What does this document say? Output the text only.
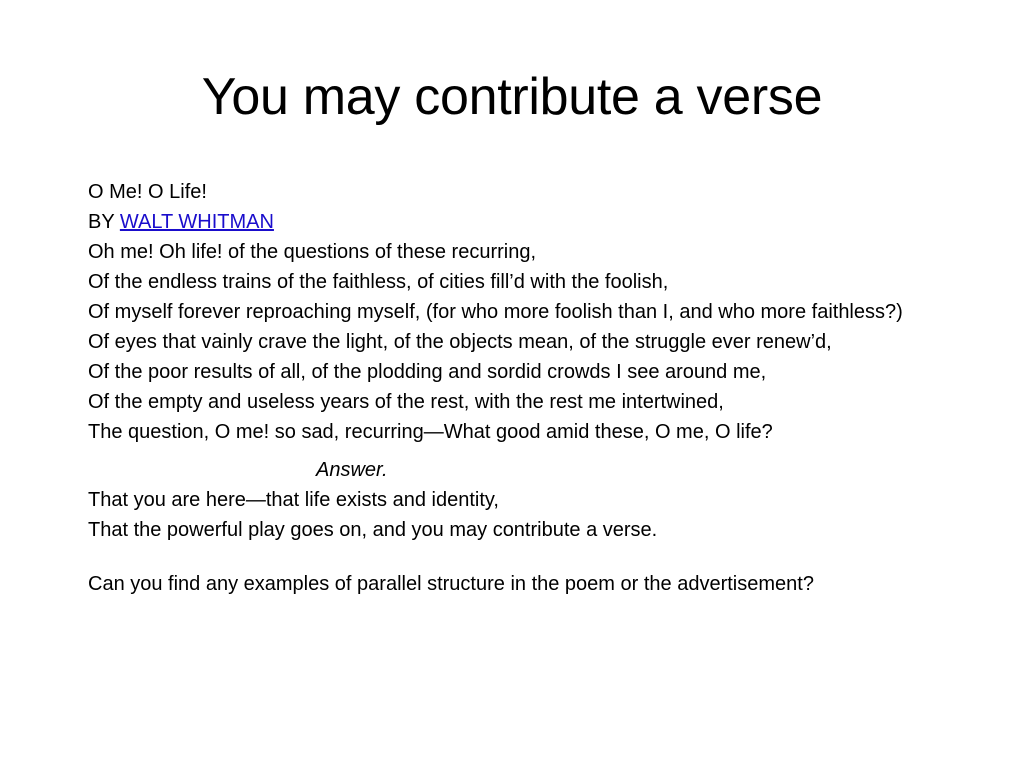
You may contribute a verse
O Me! O Life!
BY WALT WHITMAN
Oh me! Oh life! of the questions of these recurring,
Of the endless trains of the faithless, of cities fill’d with the foolish,
Of myself forever reproaching myself, (for who more foolish than I, and who more faithless?)
Of eyes that vainly crave the light, of the objects mean, of the struggle ever renew’d,
Of the poor results of all, of the plodding and sordid crowds I see around me,
Of the empty and useless years of the rest, with the rest me intertwined,
The question, O me! so sad, recurring—What good amid these, O me, O life?
Answer.
That you are here—that life exists and identity,
That the powerful play goes on, and you may contribute a verse.
Can you find any examples of parallel structure in the poem or the advertisement?
